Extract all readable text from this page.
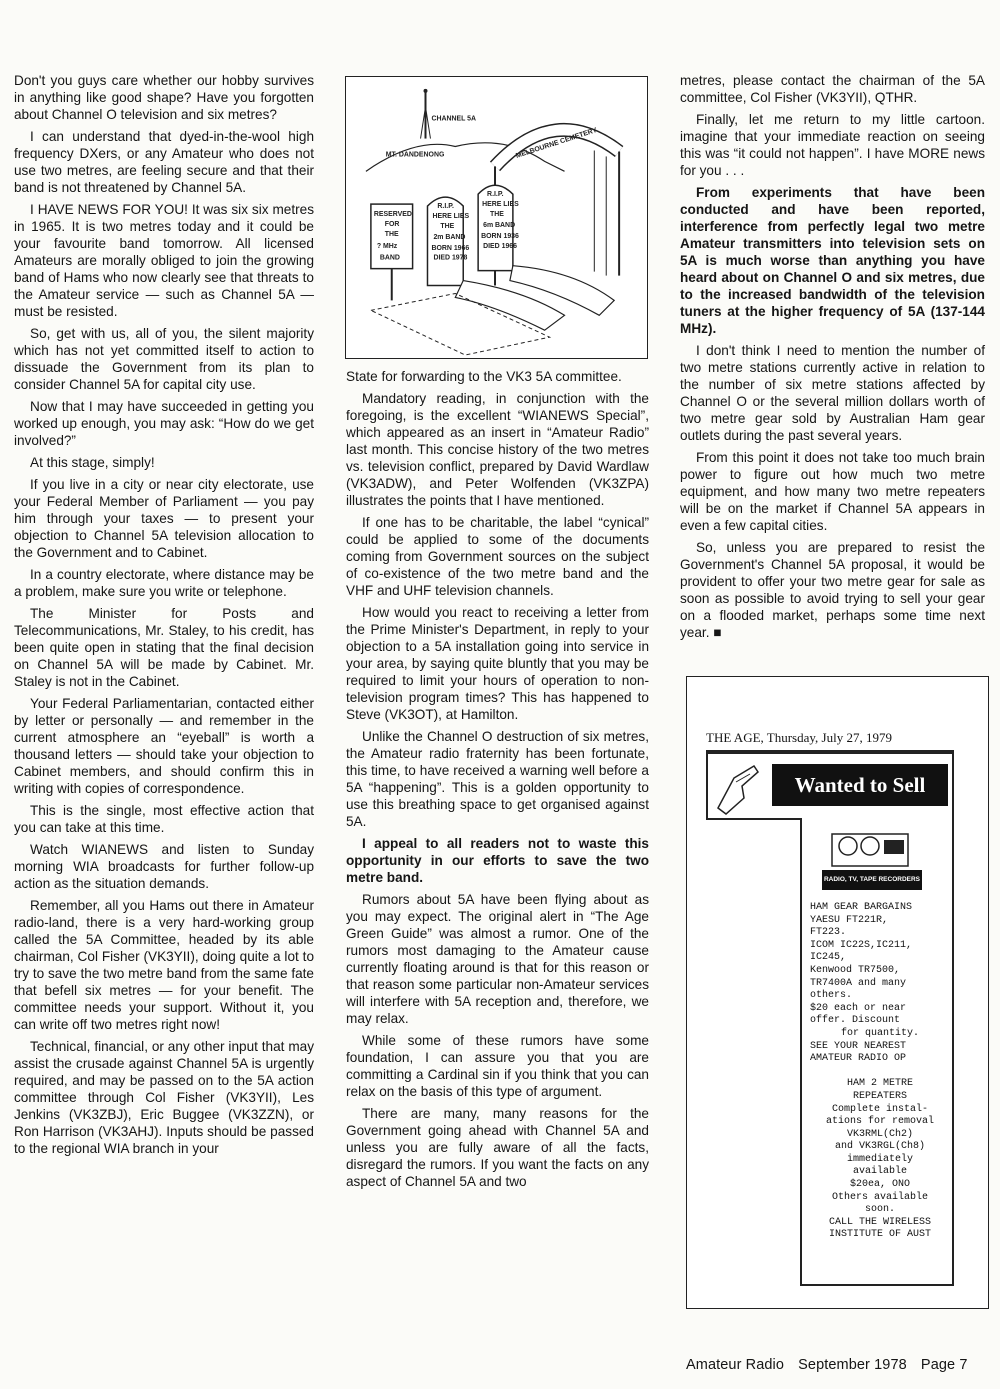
Don't you guys care whether our hobby survives in anything like good shape? Have you forgotten about Channel O television and six metres?

I can understand that dyed-in-the-wool high frequency DXers, or any Amateur who does not use two metres, are feeling secure and that their band is not threatened by Channel 5A.

I HAVE NEWS FOR YOU! It was six six metres in 1965. It is two metres today and it could be your favourite band tomorrow. All licensed Amateurs are morally obliged to join the growing band of Hams who now clearly see that threats to the Amateur service — such as Channel 5A — must be resisted.

So, get with us, all of you, the silent majority which has not yet committed itself to action to dissuade the Government from its plan to consider Channel 5A for capital city use.

Now that I may have succeeded in getting you worked up enough, you may ask: “How do we get involved?”

At this stage, simply!

If you live in a city or near city electorate, use your Federal Member of Parliament — you pay him through your taxes — to present your objection to Channel 5A television allocation to the Government and to Cabinet.

In a country electorate, where distance may be a problem, make sure you write or telephone.

The Minister for Posts and Telecommunications, Mr. Staley, to his credit, has been quite open in stating that the final decision on Channel 5A will be made by Cabinet. Mr. Staley is not in the Cabinet.

Your Federal Parliamentarian, contacted either by letter or personally — and remember in the current atmosphere an “eyeball” is worth a thousand letters — should take your objection to Cabinet members, and should confirm this in writing with copies of correspondence.

This is the single, most effective action that you can take at this time.

Watch WIANEWS and listen to Sunday morning WIA broadcasts for further follow-up action as the situation demands.

Remember, all you Hams out there in Amateur radio-land, there is a very hard-working group called the 5A Committee, headed by its able chairman, Col Fisher (VK3YII), doing quite a lot to try to save the two metre band from the same fate that befell six metres — for your benefit. The committee needs your support. Without it, you can write off two metres right now!

Technical, financial, or any other input that may assist the crusade against Channel 5A is urgently required, and may be passed on to the 5A action committee through Col Fisher (VK3YII), Les Jenkins (VK3ZBJ), Eric Buggee (VK3ZZN), or Ron Harrison (VK3AHJ). Inputs should be passed to the regional WIA branch in your

CHANNEL 5A
MT. DANDENONG	MELBOURNE CEMETERY
RESERVED
FOR
THE
? MHz
BAND
R.I.P.
HERE LIES
THE
2m BAND
BORN 1966
DIED 1978
R.I.P.
HERE LIES
THE
6m BAND
BORN 1936
DIED 1966

State for forwarding to the VK3 5A committee.

Mandatory reading, in conjunction with the foregoing, is the excellent “WIANEWS Special”, which appeared as an insert in “Amateur Radio” last month. This concise history of the two metres vs. television conflict, prepared by David Wardlaw (VK3ADW), and Peter Wolfenden (VK3ZPA) illustrates the points that I have mentioned.

If one has to be charitable, the label “cynical” could be applied to some of the documents coming from Government sources on the subject of co-existence of the two metre band and the VHF and UHF television channels.

How would you react to receiving a letter from the Prime Minister's Department, in reply to your objection to a 5A installation going into service in your area, by saying quite bluntly that you may be required to limit your hours of operation to non-television program times? This has happened to Steve (VK3OT), at Hamilton.

Unlike the Channel O destruction of six metres, the Amateur radio fraternity has been fortunate, this time, to have received a warning well before a 5A “happening”. This is a golden opportunity to use this breathing space to get organised against 5A.

I appeal to all readers not to waste this opportunity in our efforts to save the two metre band.

Rumors about 5A have been flying about as you may expect. The original alert in “The Age Green Guide” was almost a rumor. One of the rumors most damaging to the Amateur cause currently floating around is that for this reason or that reason some particular non-Amateur services will interfere with 5A reception and, therefore, we may relax.

While some of these rumors have some foundation, I can assure you that you are committing a Cardinal sin if you think that you can relax on the basis of this type of argument.

There are many, many reasons for the Government going ahead with Channel 5A and unless you are fully aware of all the facts, disregard the rumors. If you want the facts on any aspect of Channel 5A and two

metres, please contact the chairman of the 5A committee, Col Fisher (VK3YII), QTHR.

Finally, let me return to my little cartoon. imagine that your immediate reaction on seeing this was “it could not happen”. I have MORE news for you . . .

From experiments that have been conducted and have been reported, interference from perfectly legal two metre Amateur transmitters into television sets on 5A is much worse than anything you have heard about on Channel O and six metres, due to the increased bandwidth of the television tuners at the higher frequency of 5A (137-144 MHz).

I don't think I need to mention the number of two metre stations currently active in relation to the number of six metre stations affected by Channel O or the several million dollars worth of two metre gear sold by Australian Ham gear outlets during the past several years.

From this point it does not take too much brain power to figure out how much two metre equipment, and how many two metre repeaters will be on the market if Channel 5A appears in even a few capital cities.

So, unless you are prepared to resist the Government's Channel 5A proposal, it would be provident to offer your two metre gear for sale as soon as possible to avoid trying to sell your gear on a flooded market, perhaps some time next year. ■

THE AGE, Thursday, July 27, 1979
Wanted to Sell
RADIO, TV, TAPE RECORDERS
HAM GEAR BARGAINS
YAESU FT221R,
FT223.
ICOM IC22S,IC211,
IC245,
Kenwood TR7500,
TR7400A and many
others.
$20 each or near
offer. Discount
for quantity.
SEE YOUR NEAREST
AMATEUR RADIO OP

HAM 2 METRE
REPEATERS
Complete instal-
ations for removal
VK3RML(Ch2)
and VK3RGL(Ch8)
immediately
available
$20ea, ONO
Others available
soon.
CALL THE WIRELESS
INSTITUTE OF AUST
Amateur Radio September 1978 Page 7
